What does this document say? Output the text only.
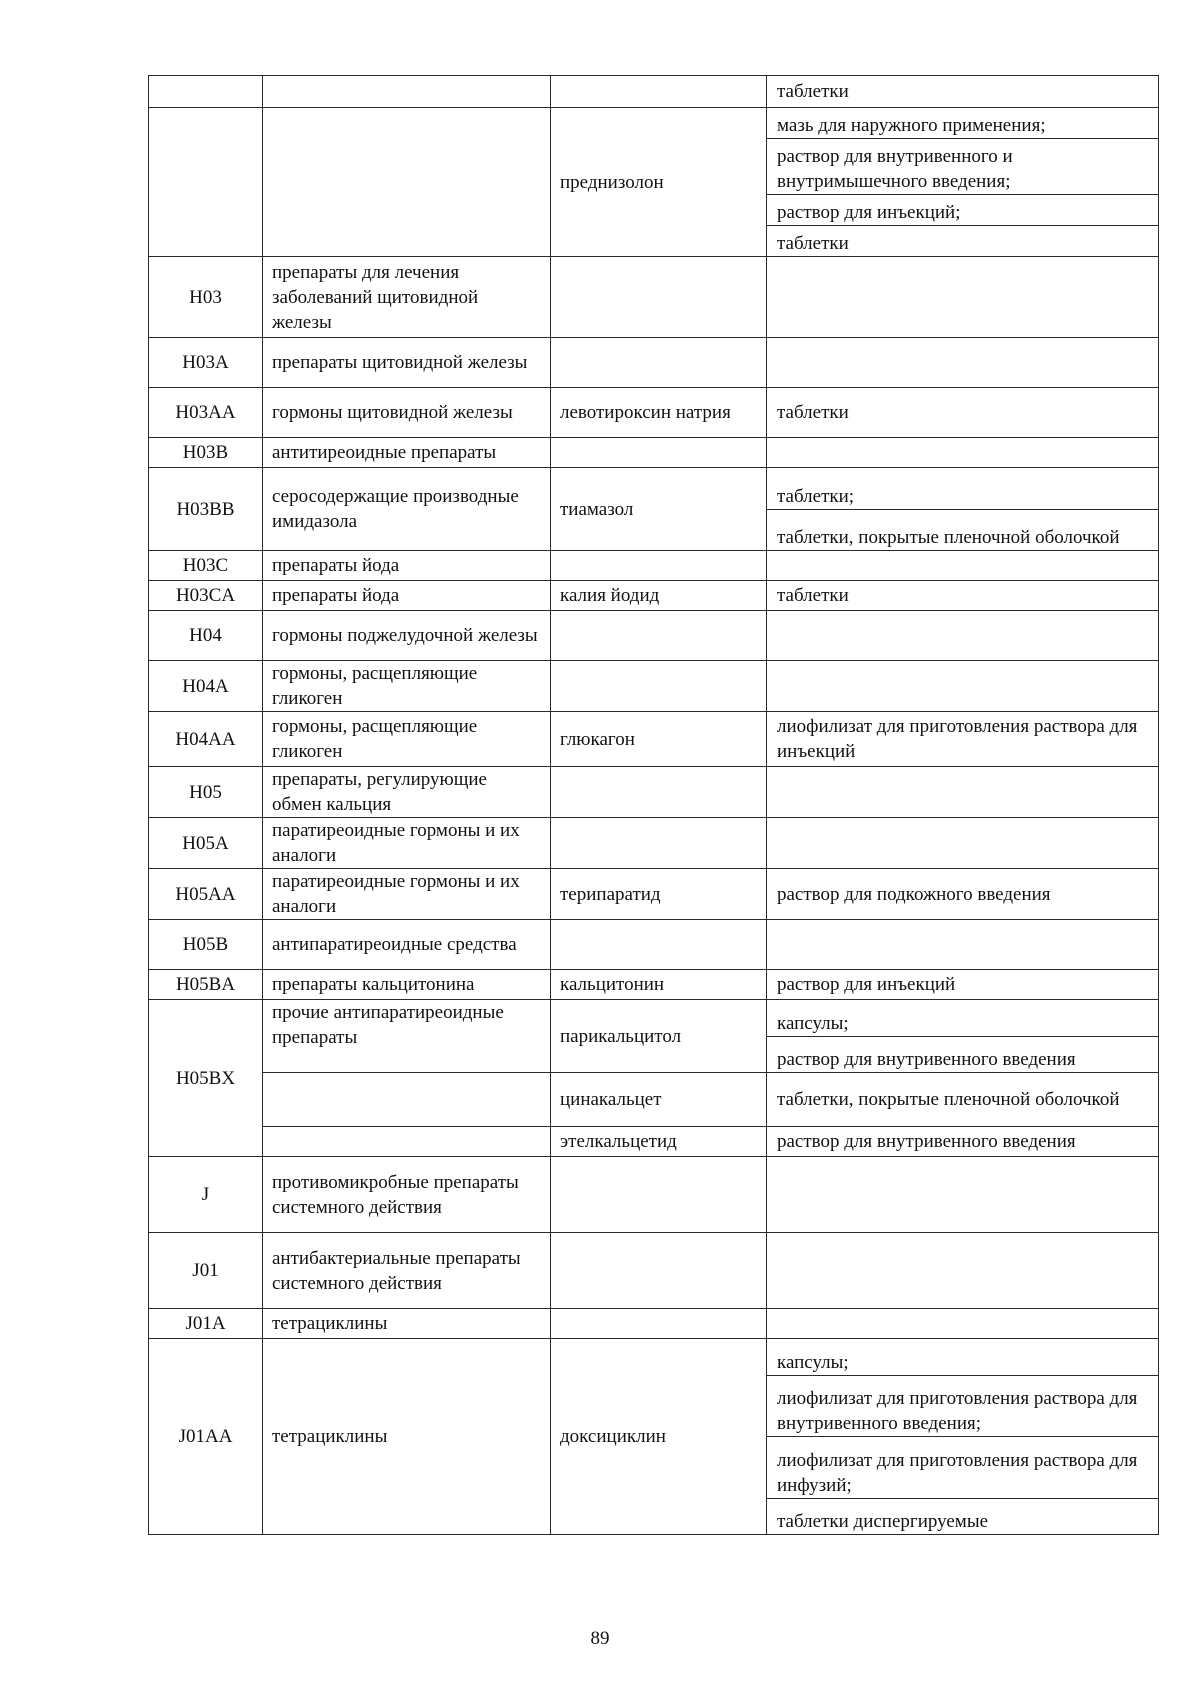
			таблетки

		преднизолон	мазь для наружного применения;
раствор для внутривенного и внутримышечного введения;
раствор для инъекций;
таблетки

H03	препараты для лечения заболеваний щитовидной железы		
H03A	препараты щитовидной железы		
H03AA	гормоны щитовидной железы	левотироксин натрия	таблетки

H03B	антитиреоидные препараты		
H03BB	серосодержащие производные имидазола	тиамазол	таблетки;
таблетки, покрытые пленочной оболочкой

H03C	препараты йода		
H03CA	препараты йода	калия йодид	таблетки

H04	гормоны поджелудочной железы		
H04A	гормоны, расщепляющие гликоген		
H04AA	гормоны, расщепляющие гликоген	глюкагон	лиофилизат для приготовления раствора для инъекций

H05	препараты, регулирующие обмен кальция		
H05A	паратиреоидные гормоны и их аналоги		
H05AA	паратиреоидные гормоны и их аналоги	терипаратид	раствор для подкожного введения

H05B	антипаратиреоидные средства		
H05BA	препараты кальцитонина	кальцитонин	раствор для инъекций

H05BX	прочие антипаратиреоидные препараты	парикальцитол	капсулы;
раствор для внутривенного введения

		цинакальцет	таблетки, покрытые пленочной оболочкой

		этелкальцетид	раствор для внутривенного введения

J	противомикробные препараты системного действия		
J01	антибактериальные препараты системного действия		
J01A	тетрациклины		
J01AA	тетрациклины	доксициклин	капсулы;
лиофилизат для приготовления раствора для внутривенного введения;
лиофилизат для приготовления раствора для инфузий;
таблетки диспергируемые
89
